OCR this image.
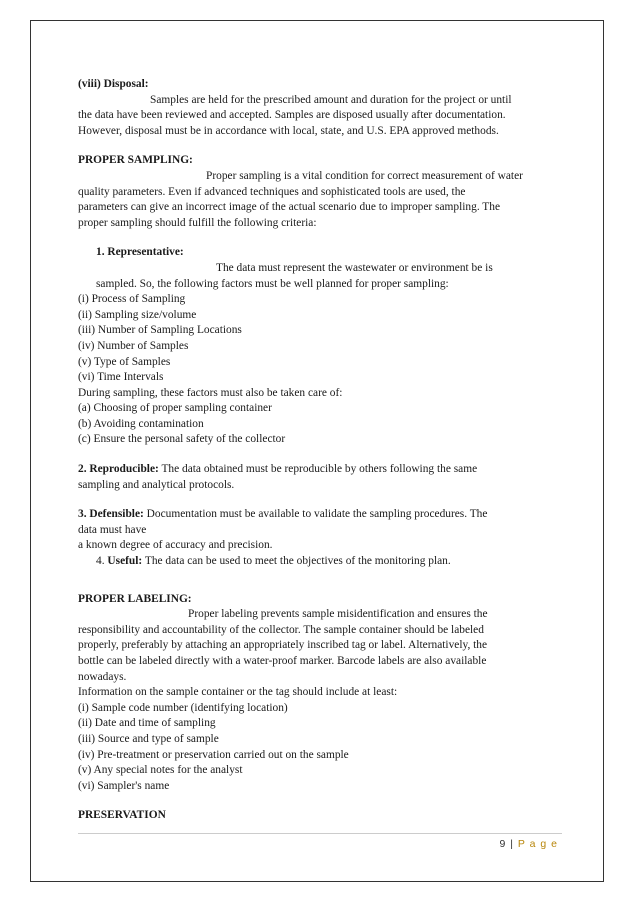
(viii) Disposal:

Samples are held for the prescribed amount and duration for the project or until

the data have been reviewed and accepted. Samples are disposed usually after documentation.

However, disposal must be in accordance with local, state, and U.S. EPA approved methods.

PROPER SAMPLING:

Proper sampling is a vital condition for correct measurement of water

quality parameters. Even if advanced techniques and sophisticated tools are used, the

parameters can give an incorrect image of the actual scenario due to improper sampling. The

proper sampling should fulfill the following criteria:

1. Representative:

The data must represent the wastewater or environment be is

sampled. So, the following factors must be well planned for proper sampling:

(i) Process of Sampling

(ii) Sampling size/volume

(iii) Number of Sampling Locations

(iv) Number of Samples

(v) Type of Samples

(vi) Time Intervals

During sampling, these factors must also be taken care of:

(a) Choosing of proper sampling container

(b) Avoiding contamination

(c) Ensure the personal safety of the collector

2. Reproducible: The data obtained must be reproducible by others following the same

sampling and analytical protocols.

3. Defensible: Documentation must be available to validate the sampling procedures. The

data must have

a known degree of accuracy and precision.

4. Useful: The data can be used to meet the objectives of the monitoring plan.

PROPER LABELING:

Proper labeling prevents sample misidentification and ensures the

responsibility and accountability of the collector. The sample container should be labeled

properly, preferably by attaching an appropriately inscribed tag or label. Alternatively, the

bottle can be labeled directly with a water-proof marker. Barcode labels are also available

nowadays.

Information on the sample container or the tag should include at least:

(i) Sample code number (identifying location)

(ii) Date and time of sampling

(iii) Source and type of sample

(iv) Pre-treatment or preservation carried out on the sample

(v) Any special notes for the analyst

(vi) Sampler's name

PRESERVATION

9 | P a g e
